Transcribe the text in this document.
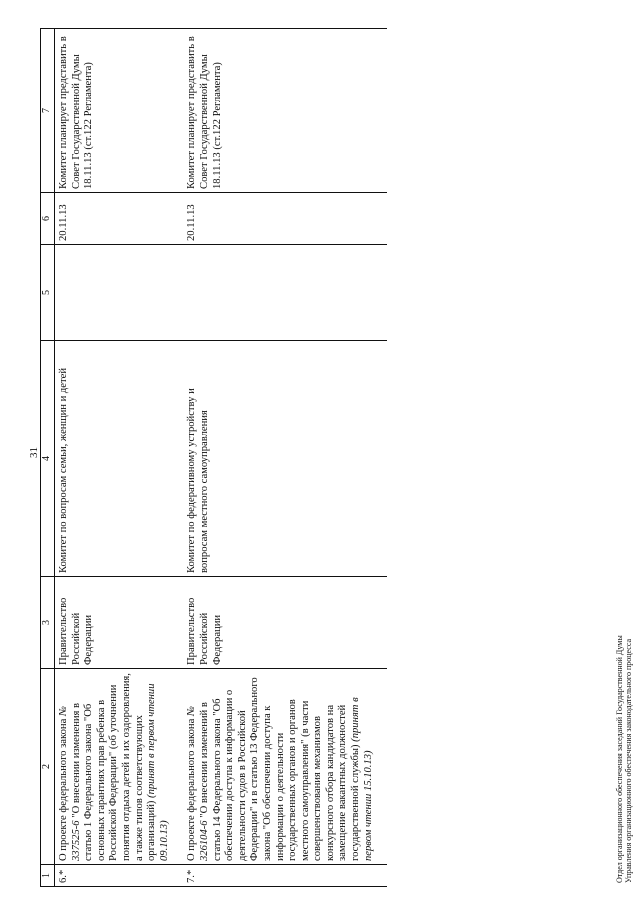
31
1	2	3	4	5	6	7
6.*	О проекте федерального закона № 337525-6 "О внесении изменения в статью 1 Федерального закона "Об основных гарантиях прав ребенка в Российской Федерации" (об уточнении понятия отдыха детей и их оздоровления, а также типов соответствующих организаций) (принят в первом чтении 09.10.13)	Правительство Российской Федерации	Комитет по вопросам семьи, женщин и детей		20.11.13	Комитет планирует представить в Совет Государственной Думы 18.11.13 (ст.122 Регламента)
7.*	О проекте федерального закона № 326104-6 "О внесении изменений в статью 14 Федерального закона "Об обеспечении доступа к информации о деятельности судов в Российской Федерации" и в статью 13 Федерального закона "Об обеспечении доступа к информации о деятельности государственных органов и органов местного самоуправления" (в части совершенствования механизмов конкурсного отбора кандидатов на замещение вакантных должностей государственной службы) (принят в первом чтении 15.10.13)	Правительство Российской Федерации	Комитет по федеративному устройству и вопросам местного самоуправления		20.11.13	Комитет планирует представить в Совет Государственной Думы 18.11.13 (ст.122 Регламента)
Отдел организационного обеспечения заседаний Государственной Думы Управления организационного обеспечения законодательного процесса
